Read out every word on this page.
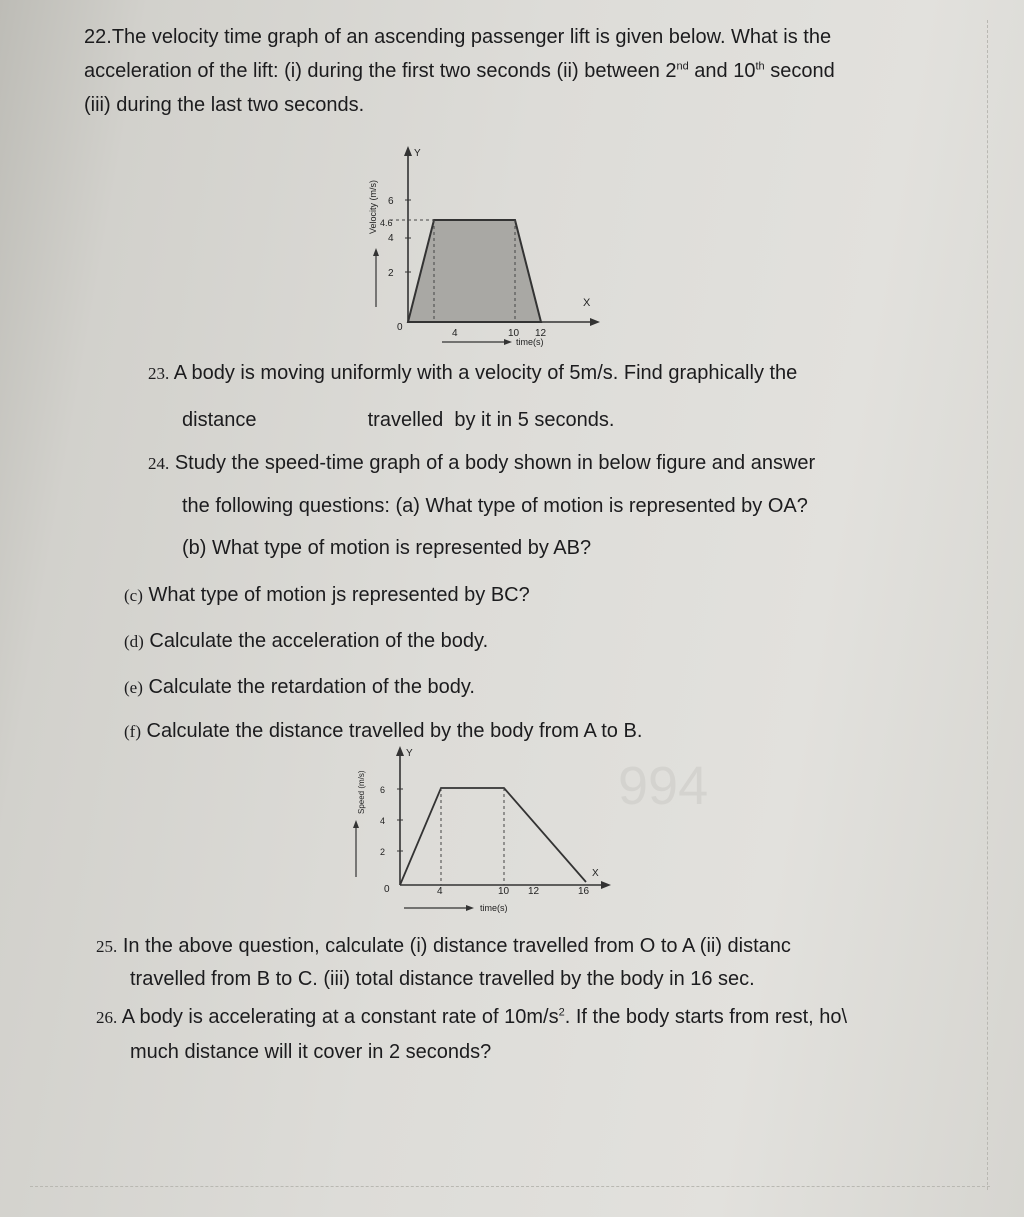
994
22.The velocity time graph of an ascending passenger lift is given below. What is the
acceleration of the lift: (i) during the first two seconds (ii) between 2nd and 10th second
(iii) during the last two seconds.
Y
X
0
2
4
4.6
6
4	10 12
Velocity (m/s)
time(s)
23. A body is moving uniformly with a velocity of 5m/s. Find graphically the
distance                    travelled  by it in 5 seconds.
24. Study the speed-time graph of a body shown in below figure and answer
the following questions: (a) What type of motion is represented by OA?
(b) What type of motion is represented by AB?
(c) What type of motion js represented by BC?
(d) Calculate the acceleration of the body.
(e) Calculate the retardation of the body.
(f) Calculate the distance travelled by the body from A to B.
Y
X
0
2
4
6
4	10 12	16
Speed (m/s)
time(s)
25. In the above question, calculate (i) distance travelled from O to A (ii) distanc
travelled from B to C. (iii) total distance travelled by the body in 16 sec.
26. A body is accelerating at a constant rate of $10m/s^2$. If the body starts from rest, ho\
much distance will it cover in 2 seconds?
